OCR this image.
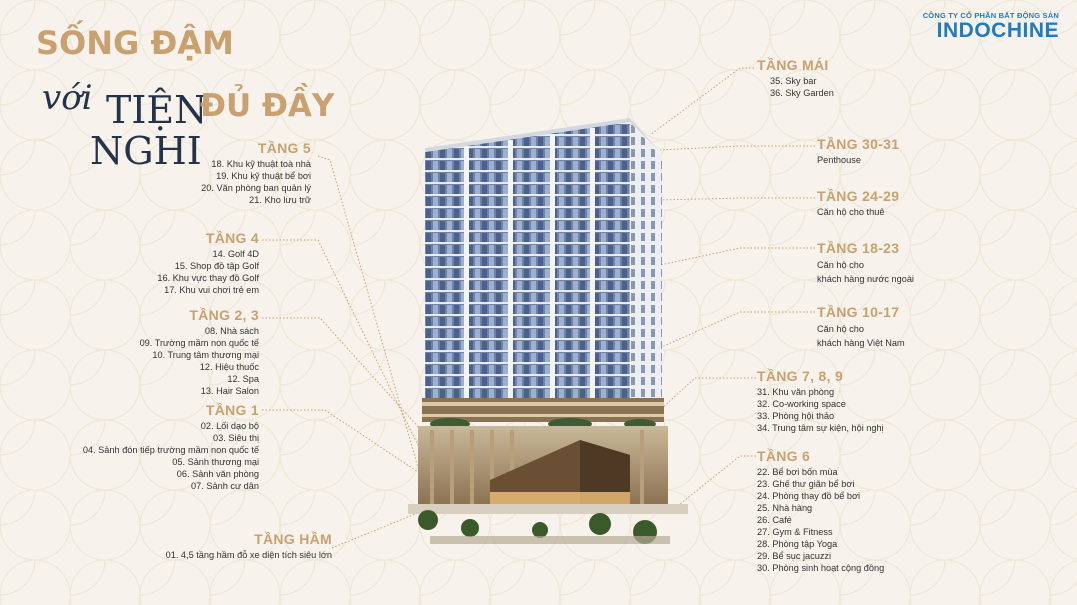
CÔNG TY CỔ PHẦN BẤT ĐỘNG SẢN
INDOCHINE
SỐNG ĐẬM
với TIỆN
ĐỦ ĐẦY
NGHI	TẦNG 5
18. Khu kỹ thuật toà nhà
19. Khu kỹ thuật bể bơi
20. Văn phòng ban quản lý
21. Kho lưu trữ
TẦNG 4
14. Golf 4D
15. Shop đồ tập Golf
16. Khu vực thay đồ Golf
17. Khu vui chơi trẻ em
TẦNG 2, 3
08. Nhà sách
09. Trường mầm non quốc tế
10. Trung tâm thương mại
12. Hiệu thuốc
12. Spa
13. Hair Salon
TẦNG 1
02. Lối dạo bộ
03. Siêu thị
04. Sảnh đón tiếp trường mầm non quốc tế
05. Sảnh thương mại
06. Sảnh văn phòng
07. Sảnh cư dân
TẦNG HẦM
01. 4,5 tầng hầm đỗ xe diện tích siêu lớn
TẦNG MÁI
35. Sky bar
36. Sky Garden
TẦNG 30-31
Penthouse
TẦNG 24-29
Căn hộ cho thuê
TẦNG 18-23
Căn hộ cho
khách hàng nước ngoài
TẦNG 10-17
Căn hộ cho
khách hàng Việt Nam
TẦNG 7, 8, 9
31. Khu văn phòng
32. Co-working space
33. Phòng hội thảo
34. Trung tâm sự kiện, hội nghị
TẦNG 6
22. Bể bơi bốn mùa
23. Ghế thư giãn bể bơi
24. Phòng thay đồ bể bơi
25. Nhà hàng
26. Café
27. Gym & Fitness
28. Phòng tập Yoga
29. Bể sục jacuzzi
30. Phòng sinh hoạt cộng đồng
